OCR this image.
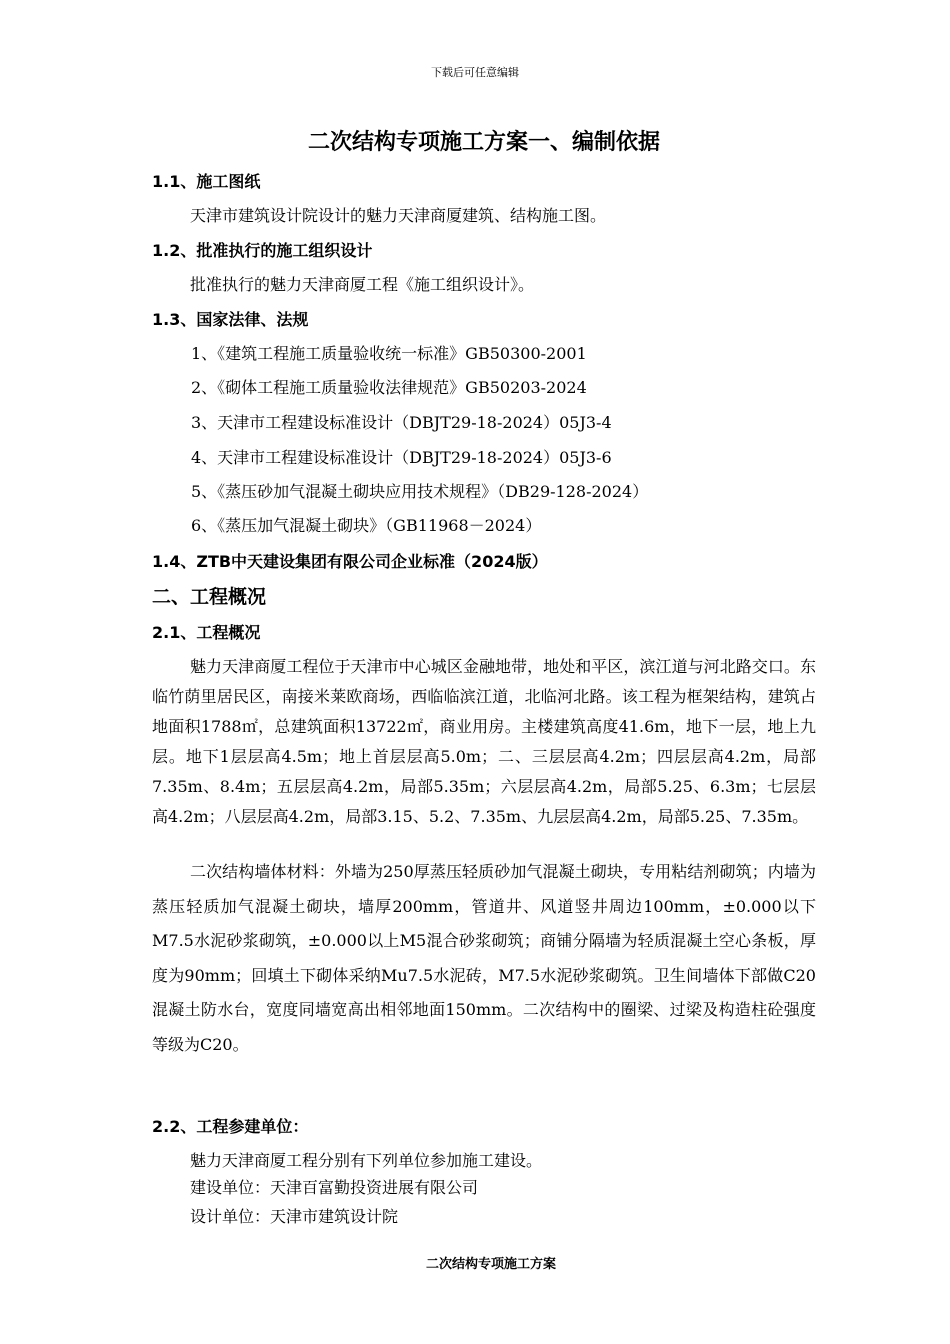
下载后可任意编辑
二次结构专项施工方案一、编制依据
1.1、施工图纸

天津市建筑设计院设计的魅力天津商厦建筑、结构施工图。

1.2、批准执行的施工组织设计

批准执行的魅力天津商厦工程《施工组织设计》。

1.3、国家法律、法规

1、《建筑工程施工质量验收统一标准》GB50300-2001

2、《砌体工程施工质量验收法律规范》GB50203-2024

3、天津市工程建设标准设计（DBJT29-18-2024）05J3-4

4、天津市工程建设标准设计（DBJT29-18-2024）05J3-6

5、《蒸压砂加气混凝土砌块应用技术规程》（DB29-128-2024）

6、《蒸压加气混凝土砌块》（GB11968－2024）

1.4、ZTB中天建设集团有限公司企业标准（2024版）
二、工程概况
2.1、工程概况

魅力天津商厦工程位于天津市中心城区金融地带，地处和平区，滨江道与河北路交口。东临竹荫里居民区，南接米莱欧商场，西临临滨江道，北临河北路。该工程为框架结构，建筑占地面积1788㎡，总建筑面积13722㎡，商业用房。主楼建筑高度41.6m，地下一层，地上九层。地下1层层高4.5m；地上首层层高5.0m；二、三层层高4.2m；四层层高4.2m，局部7.35m、8.4m；五层层高4.2m，局部5.35m；六层层高4.2m，局部5.25、6.3m；七层层高4.2m；八层层高4.2m，局部3.15、5.2、7.35m、九层层高4.2m，局部5.25、7.35m。

二次结构墙体材料：外墙为250厚蒸压轻质砂加气混凝土砌块，专用粘结剂砌筑；内墙为蒸压轻质加气混凝土砌块，墙厚200mm，管道井、风道竖井周边100mm，±0.000以下M7.5水泥砂浆砌筑，±0.000以上M5混合砂浆砌筑；商铺分隔墙为轻质混凝土空心条板，厚度为90mm；回填土下砌体采纳Mu7.5水泥砖，M7.5水泥砂浆砌筑。卫生间墙体下部做C20混凝土防水台，宽度同墙宽高出相邻地面150mm。二次结构中的圈梁、过梁及构造柱砼强度等级为C20。

2.2、工程参建单位：

魅力天津商厦工程分别有下列单位参加施工建设。

建设单位：天津百富勤投资进展有限公司

设计单位：天津市建筑设计院

二次结构专项施工方案
